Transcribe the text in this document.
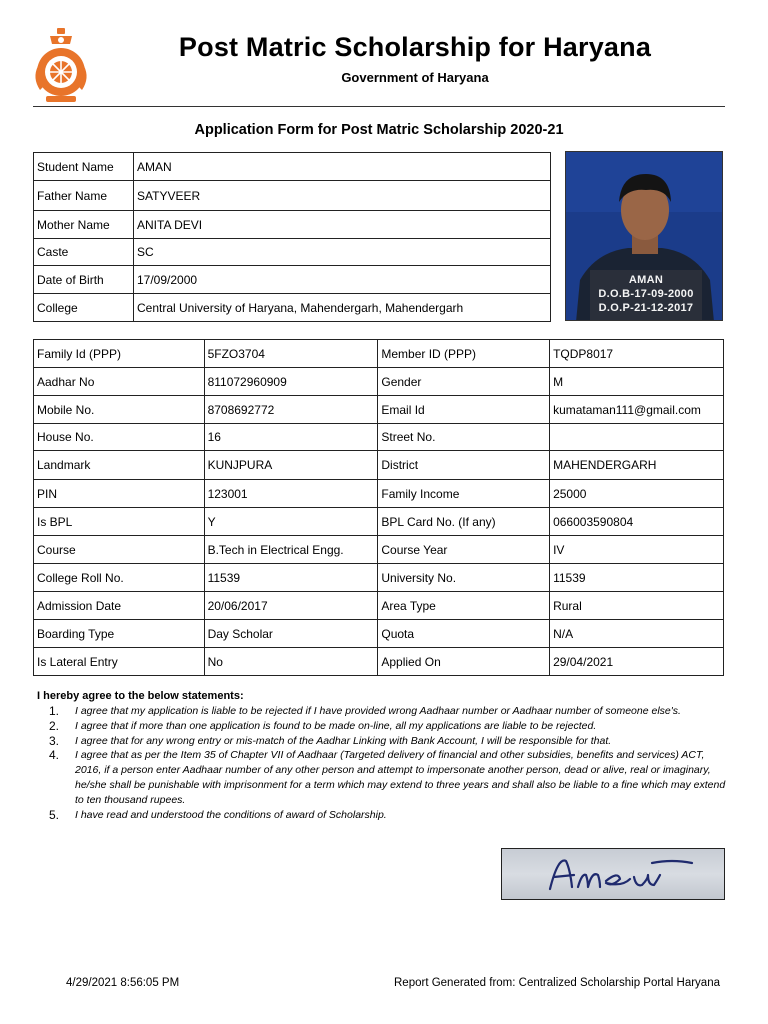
Post Matric Scholarship for Haryana
Government of Haryana
Application Form for Post Matric Scholarship 2020-21
Student Name	AMAN
Father Name	SATYVEER
Mother Name	ANITA DEVI
Caste	SC
Date of Birth	17/09/2000
College	Central University of Haryana, Mahendergarh, Mahendergarh
AMAN
D.O.B-17-09-2000
D.O.P-21-12-2017
Family Id (PPP)	5FZO3704	Member ID (PPP)	TQDP8017
Aadhar No	811072960909	Gender	M
Mobile No.	8708692772	Email Id	kumataman111@gmail.com
House No.	16	Street No.	
Landmark	KUNJPURA	District	MAHENDERGARH
PIN	123001	Family Income	25000
Is BPL	Y	BPL Card No. (If any)	066003590804
Course	B.Tech in Electrical Engg.	Course Year	IV
College Roll No.	11539	University No.	11539
Admission Date	20/06/2017	Area Type	Rural
Boarding Type	Day Scholar	Quota	N/A
Is Lateral Entry	No	Applied On	29/04/2021
I hereby agree to the below statements:
1. I agree that my application is liable to be rejected if I have provided wrong Aadhaar number or Aadhaar number of someone else's.
2. I agree that if more than one application is found to be made on-line, all my applications are liable to be rejected.
3. I agree that for any wrong entry or mis-match of the Aadhar Linking with Bank Account, I will be responsible for that.
4. I agree that as per the Item 35 of Chapter VII of Aadhaar (Targeted delivery of financial and other subsidies, benefits and services) ACT, 2016, if a person enter Aadhaar number of any other person and attempt to impersonate another person, dead or alive, real or imaginary, he/she shall be punishable with imprisonment for a term which may extend to three years and shall also be liable to a fine which may extend to ten thousand rupees.
5. I have read and understood the conditions of award of Scholarship.
4/29/2021 8:56:05 PM	Report Generated from: Centralized Scholarship Portal Haryana
